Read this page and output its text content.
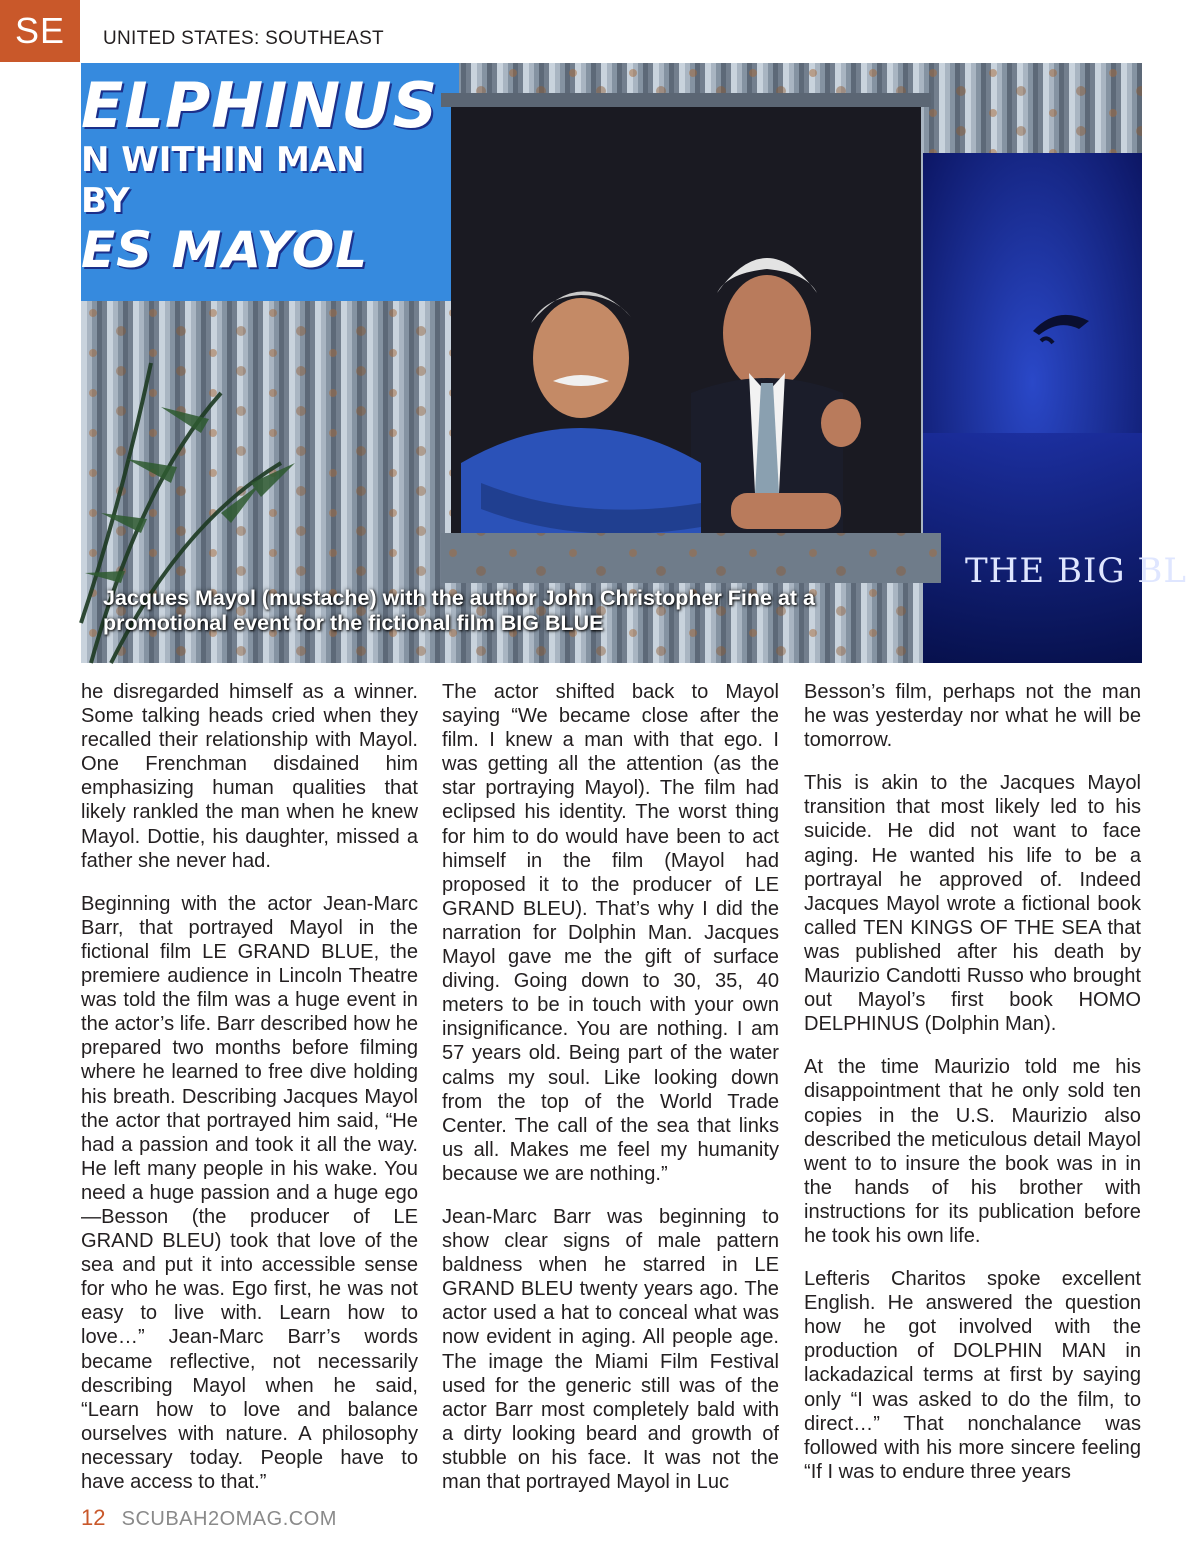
SE	UNITED STATES: SOUTHEAST
ELPHINUS
N WITHIN MAN
BY
ES MAYOL
THE BIG BL
Jacques Mayol (mustache) with the author John Christopher Fine at a
promotional event for the fictional film BIG BLUE

he disregarded himself as a winner. Some talking heads cried when they recalled their relationship with Mayol. One Frenchman disdained him emphasizing human qualities that likely rankled the man when he knew Mayol. Dottie, his daughter, missed a father she never had.

Beginning with the actor Jean-Marc Barr, that portrayed Mayol in the fictional film LE GRAND BLUE, the premiere audience in Lincoln Theatre was told the film was a huge event in the actor’s life. Barr described how he prepared two months before filming where he learned to free dive holding his breath. Describing Jacques Mayol the actor that portrayed him said, “He had a passion and took it all the way. He left many people in his wake. You need a huge passion and a huge ego—Besson (the producer of LE GRAND BLEU) took that love of the sea and put it into accessible sense for who he was. Ego first, he was not easy to live with. Learn how to love…” Jean-Marc Barr’s words became reflective, not necessarily describing Mayol when he said, “Learn how to love and balance ourselves with nature. A philosophy necessary today. People have to have access to that.”

The actor shifted back to Mayol saying “We became close after the film. I knew a man with that ego. I was getting all the attention (as the star portraying Mayol). The film had eclipsed his identity. The worst thing for him to do would have been to act himself in the film (Mayol had proposed it to the producer of LE GRAND BLEU). That’s why I did the narration for Dolphin Man. Jacques Mayol gave me the gift of surface diving. Going down to 30, 35, 40 meters to be in touch with your own insignificance. You are nothing. I am 57 years old. Being part of the water calms my soul. Like looking down from the top of the World Trade Center. The call of the sea that links us all. Makes me feel my humanity because we are nothing.”

Jean-Marc Barr was beginning to show clear signs of male pattern baldness when he starred in LE GRAND BLEU twenty years ago. The actor used a hat to conceal what was now evident in aging. All people age. The image the Miami Film Festival used for the generic still was of the actor Barr most completely bald with a dirty looking beard and growth of stubble on his face. It was not the man that portrayed Mayol in Luc

Besson’s film, perhaps not the man he was yesterday nor what he will be tomorrow.

This is akin to the Jacques Mayol transition that most likely led to his suicide. He did not want to face aging. He wanted his life to be a portrayal he approved of. Indeed Jacques Mayol wrote a fictional book called TEN KINGS OF THE SEA that was published after his death by Maurizio Candotti Russo who brought out Mayol’s first book HOMO DELPHINUS (Dolphin Man).

At the time Maurizio told me his disappointment that he only sold ten copies in the U.S. Maurizio also described the meticulous detail Mayol went to to insure the book was in in the hands of his brother with instructions for its publication before he took his own life.

Lefteris Charitos spoke excellent English. He answered the question how he got involved with the production of DOLPHIN MAN in lackadazical terms at first by saying only “I was asked to do the film, to direct…” That nonchalance was followed with his more sincere feeling “If I was to endure three years

12 SCUBAH2OMAG.COM
